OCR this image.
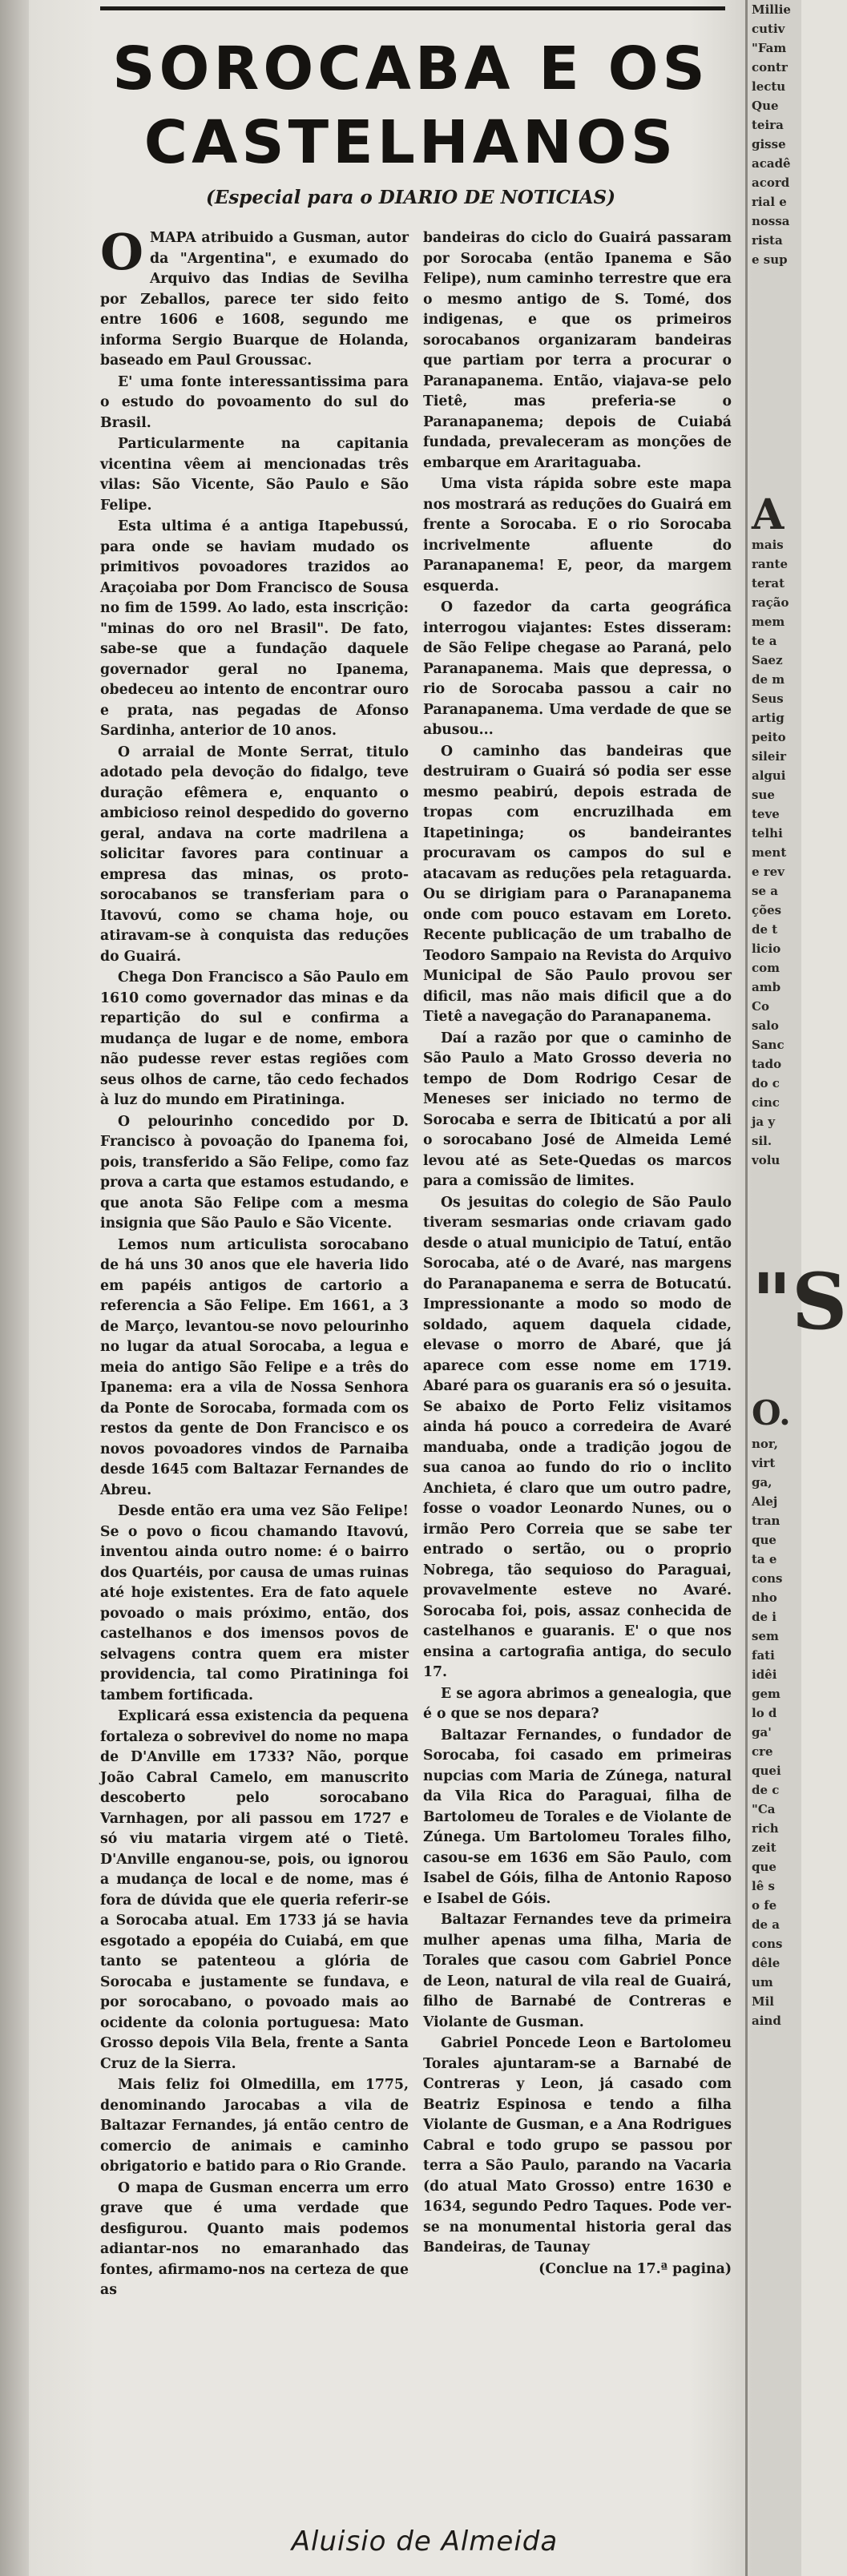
SOROCABA E OS CASTELHANOS

(Especial para o DIARIO DE NOTICIAS)

O MAPA atribuido a Gusman, autor da "Argentina", e exumado do Arquivo das Indias de Sevilha por Zeballos, parece ter sido feito entre 1606 e 1608, segundo me informa Sergio Buarque de Holanda, baseado em Paul Groussac.

E' uma fonte interessantissima para o estudo do povoamento do sul do Brasil.

Particularmente na capitania vicentina vêem ai mencionadas três vilas: São Vicente, São Paulo e São Felipe.

Esta ultima é a antiga Itapebussú, para onde se haviam mudado os primitivos povoadores trazidos ao Araçoiaba por Dom Francisco de Sousa no fim de 1599. Ao lado, esta inscrição: "minas do oro nel Brasil". De fato, sabe-se que a fundação daquele governador geral no Ipanema, obedeceu ao intento de encontrar ouro e prata, nas pegadas de Afonso Sardinha, anterior de 10 anos.

O arraial de Monte Serrat, titulo adotado pela devoção do fidalgo, teve duração efêmera e, enquanto o ambicioso reinol despedido do governo geral, andava na corte madrilena a solicitar favores para continuar a empresa das minas, os proto-sorocabanos se transferiam para o Itavovú, como se chama hoje, ou atiravam-se à conquista das reduções do Guairá.

Chega Don Francisco a São Paulo em 1610 como governador das minas e da repartição do sul e confirma a mudança de lugar e de nome, embora não pudesse rever estas regiões com seus olhos de carne, tão cedo fechados à luz do mundo em Piratininga.

O pelourinho concedido por D. Francisco à povoação do Ipanema foi, pois, transferido a São Felipe, como faz prova a carta que estamos estudando, e que anota São Felipe com a mesma insignia que São Paulo e São Vicente.

Lemos num articulista sorocabano de há uns 30 anos que ele haveria lido em papéis antigos de cartorio a referencia a São Felipe. Em 1661, a 3 de Março, levantou-se novo pelourinho no lugar da atual Sorocaba, a legua e meia do antigo São Felipe e a três do Ipanema: era a vila de Nossa Senhora da Ponte de Sorocaba, formada com os restos da gente de Don Francisco e os novos povoadores vindos de Parnaiba desde 1645 com Baltazar Fernandes de Abreu.

Desde então era uma vez São Felipe! Se o povo o ficou chamando Itavovú, inventou ainda outro nome: é o bairro dos Quartéis, por causa de umas ruinas até hoje existentes. Era de fato aquele povoado o mais próximo, então, dos castelhanos e dos imensos povos de selvagens contra quem era mister providencia, tal como Piratininga foi tambem fortificada.

Explicará essa existencia da pequena fortaleza o sobrevivel do nome no mapa de D'Anville em 1733? Não, porque João Cabral Camelo, em manuscrito descoberto pelo sorocabano Varnhagen, por ali passou em 1727 e só viu mataria virgem até o Tietê. D'Anville enganou-se, pois, ou ignorou a mudança de local e de nome, mas é fora de dúvida que ele queria referir-se a Sorocaba atual. Em 1733 já se havia esgotado a epopéia do Cuiabá, em que tanto se patenteou a glória de Sorocaba e justamente se fundava, e por sorocabano, o povoado mais ao ocidente da colonia portuguesa: Mato Grosso depois Vila Bela, frente a Santa Cruz de la Sierra.

Mais feliz foi Olmedilla, em 1775, denominando Jarocabas a vila de Baltazar Fernandes, já então centro de comercio de animais e caminho obrigatorio e batido para o Rio Grande.

O mapa de Gusman encerra um erro grave que é uma verdade que desfigurou. Quanto mais podemos adiantar-nos no emaranhado das fontes, afirmamo-nos na certeza de que as

bandeiras do ciclo do Guairá passaram por Sorocaba (então Ipanema e São Felipe), num caminho terrestre que era o mesmo antigo de S. Tomé, dos indigenas, e que os primeiros sorocabanos organizaram bandeiras que partiam por terra a procurar o Paranapanema. Então, viajava-se pelo Tietê, mas preferia-se o Paranapanema; depois de Cuiabá fundada, prevaleceram as monções de embarque em Araritaguaba.

Uma vista rápida sobre este mapa nos mostrará as reduções do Guairá em frente a Sorocaba. E o rio Sorocaba incrivelmente afluente do Paranapanema! E, peor, da margem esquerda.

O fazedor da carta geográfica interrogou viajantes: Estes disseram: de São Felipe chegase ao Paraná, pelo Paranapanema. Mais que depressa, o rio de Sorocaba passou a cair no Paranapanema. Uma verdade de que se abusou...

O caminho das bandeiras que destruiram o Guairá só podia ser esse mesmo peabirú, depois estrada de tropas com encruzilhada em Itapetininga; os bandeirantes procuravam os campos do sul e atacavam as reduções pela retaguarda. Ou se dirigiam para o Paranapanema onde com pouco estavam em Loreto. Recente publicação de um trabalho de Teodoro Sampaio na Revista do Arquivo Municipal de São Paulo provou ser dificil, mas não mais dificil que a do Tietê a navegação do Paranapanema.

Daí a razão por que o caminho de São Paulo a Mato Grosso deveria no tempo de Dom Rodrigo Cesar de Meneses ser iniciado no termo de Sorocaba e serra de Ibiticatú a por ali o sorocabano José de Almeida Lemé levou até as Sete-Quedas os marcos para a comissão de limites.

Os jesuitas do colegio de São Paulo tiveram sesmarias onde criavam gado desde o atual municipio de Tatuí, então Sorocaba, até o de Avaré, nas margens do Paranapanema e serra de Botucatú. Impressionante a modo so modo de soldado, aquem daquela cidade, elevase o morro de Abaré, que já aparece com esse nome em 1719. Abaré para os guaranis era só o jesuita. Se abaixo de Porto Feliz visitamos ainda há pouco a corredeira de Avaré manduaba, onde a tradição jogou de sua canoa ao fundo do rio o inclito Anchieta, é claro que um outro padre, fosse o voador Leonardo Nunes, ou o irmão Pero Correia que se sabe ter entrado o sertão, ou o proprio Nobrega, tão sequioso do Paraguai, provavelmente esteve no Avaré. Sorocaba foi, pois, assaz conhecida de castelhanos e guaranis. E' o que nos ensina a cartografia antiga, do seculo 17.

E se agora abrimos a genealogia, que é o que se nos depara?

Baltazar Fernandes, o fundador de Sorocaba, foi casado em primeiras nupcias com Maria de Zúnega, natural da Vila Rica do Paraguai, filha de Bartolomeu de Torales e de Violante de Zúnega. Um Bartolomeu Torales filho, casou-se em 1636 em São Paulo, com Isabel de Góis, filha de Antonio Raposo e Isabel de Góis.

Baltazar Fernandes teve da primeira mulher apenas uma filha, Maria de Torales que casou com Gabriel Ponce de Leon, natural de vila real de Guairá, filho de Barnabé de Contreras e Violante de Gusman.

Gabriel Poncede Leon e Bartolomeu Torales ajuntaram-se a Barnabé de Contreras y Leon, já casado com Beatriz Espinosa e tendo a filha Violante de Gusman, e a Ana Rodrigues Cabral e todo grupo se passou por terra a São Paulo, parando na Vacaria (do atual Mato Grosso) entre 1630 e 1634, segundo Pedro Taques. Pode ver-se na monumental historia geral das Bandeiras, de Taunay

(Conclue na 17.ª pagina)

Aluisio de Almeida

Millie
cutiv
"Fam
contr
lectu
Que
teira
gisse
acadê
acord
rial e
nossa
rista
e sup
A
mais
rante
terat
ração
mem
te a
Saez
de m
Seus
artig
peito
sileir
algui
sue
teve
telhi
ment
e rev
se a
ções
de t
licio
com
amb
Co
salo
Sanc
tado
do c
cinc
ja y
sil.
volu
"S
O.
nor,
virt
ga,
Alej
tran
que
ta e
cons
nho
de i
sem
fati
idêi
gem
lo d
ga'
cre
quei
de c
"Ca
rich
zeit
que
lê s
o fe
de a
cons
dêle
um
Mil
aind
